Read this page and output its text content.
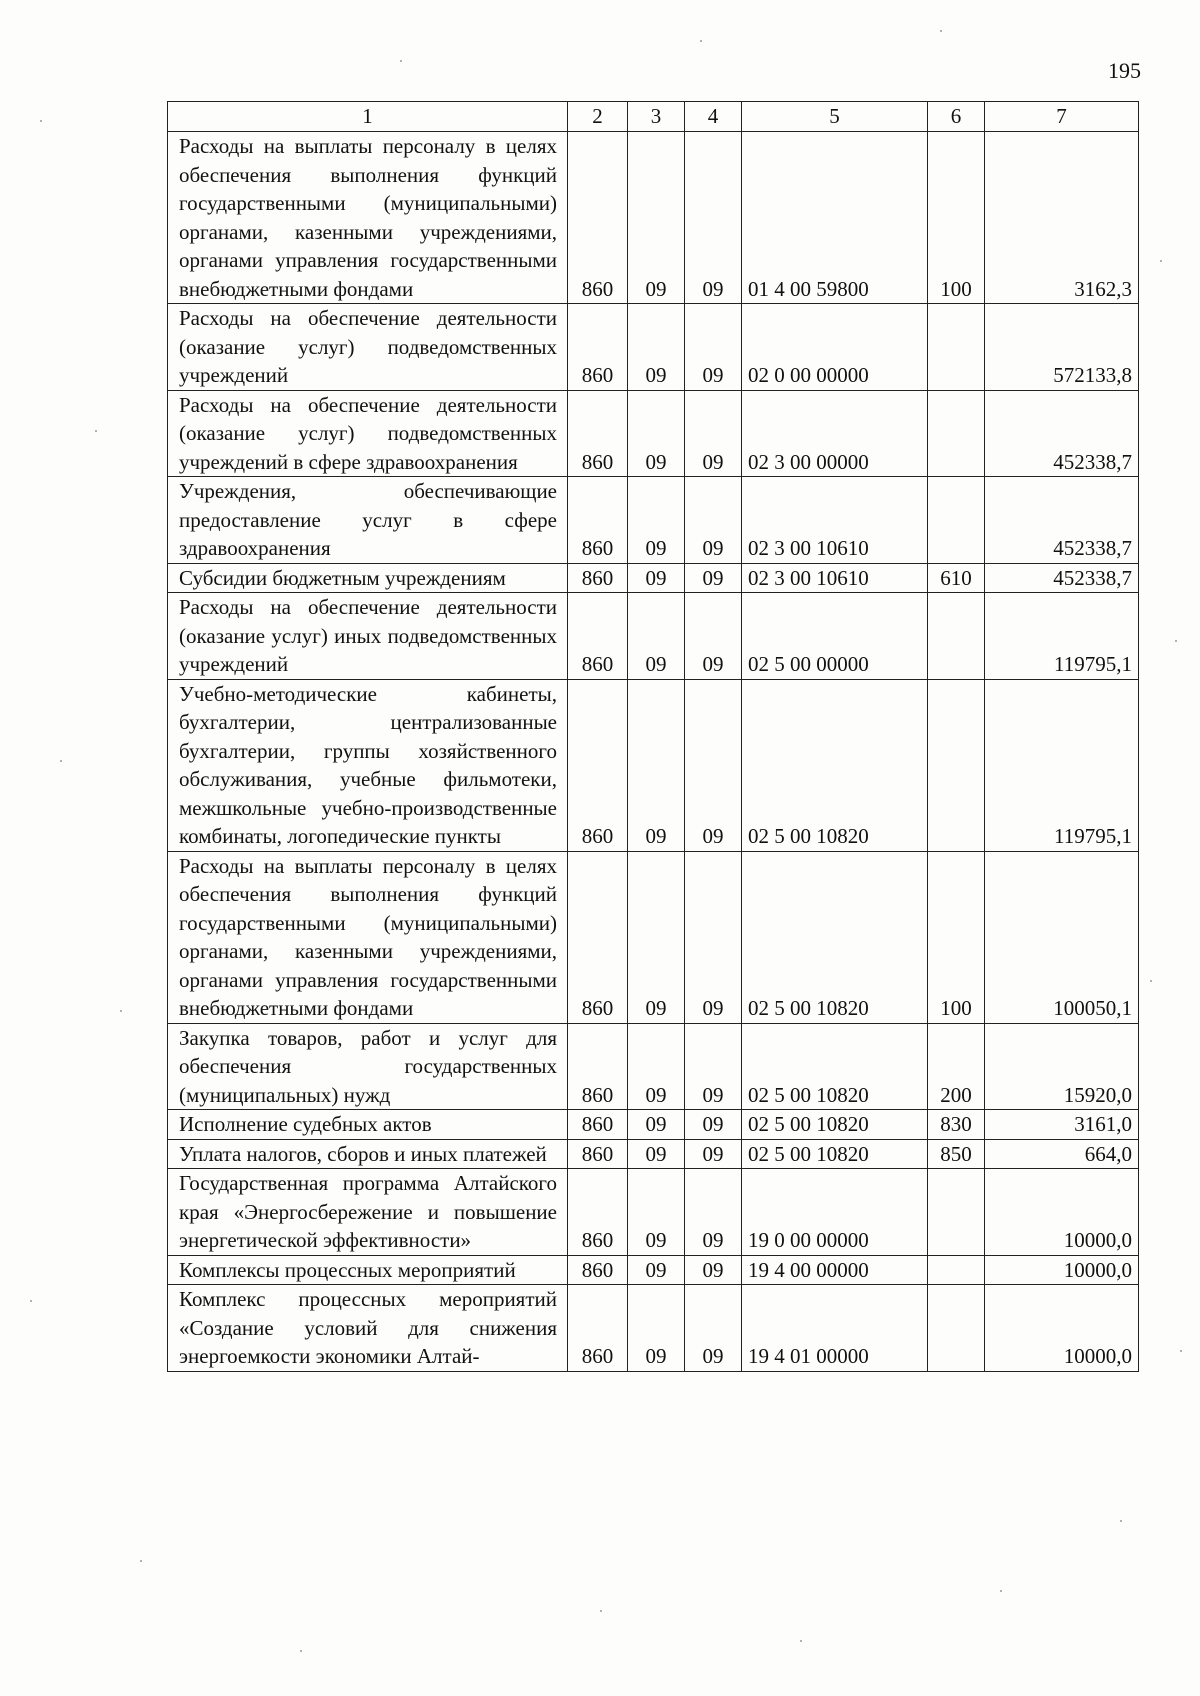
195
1	2	3	4	5	6	7
Расходы на выплаты персоналу в целях обеспечения выполнения функций государственными (муниципальными) органами, казенными учреждениями, органами управления государственными внебюджетными фондами	860	09	09	01 4 00 59800	100	3162,3
Расходы на обеспечение деятельности (оказание услуг) подведомственных учреждений	860	09	09	02 0 00 00000		572133,8
Расходы на обеспечение деятельности (оказание услуг) подведомственных учреждений в сфере здравоохранения	860	09	09	02 3 00 00000		452338,7
Учреждения, обеспечивающие предоставление услуг в сфере здравоохранения	860	09	09	02 3 00 10610		452338,7
Субсидии бюджетным учреждениям	860	09	09	02 3 00 10610	610	452338,7
Расходы на обеспечение деятельности (оказание услуг) иных подведомственных учреждений	860	09	09	02 5 00 00000		119795,1
Учебно-методические кабинеты, бухгалтерии, централизованные бухгалтерии, группы хозяйственного обслуживания, учебные фильмотеки, межшкольные учебно-производственные комбинаты, логопедические пункты	860	09	09	02 5 00 10820		119795,1
Расходы на выплаты персоналу в целях обеспечения выполнения функций государственными (муниципальными) органами, казенными учреждениями, органами управления государственными внебюджетными фондами	860	09	09	02 5 00 10820	100	100050,1
Закупка товаров, работ и услуг для обеспечения государственных (муниципальных) нужд	860	09	09	02 5 00 10820	200	15920,0
Исполнение судебных актов	860	09	09	02 5 00 10820	830	3161,0
Уплата налогов, сборов и иных платежей	860	09	09	02 5 00 10820	850	664,0
Государственная программа Алтайского края «Энергосбережение и повышение энергетической эффективности»	860	09	09	19 0 00 00000		10000,0
Комплексы процессных мероприятий	860	09	09	19 4 00 00000		10000,0
Комплекс процессных мероприятий «Создание условий для снижения энергоемкости экономики Алтай-	860	09	09	19 4 01 00000		10000,0
